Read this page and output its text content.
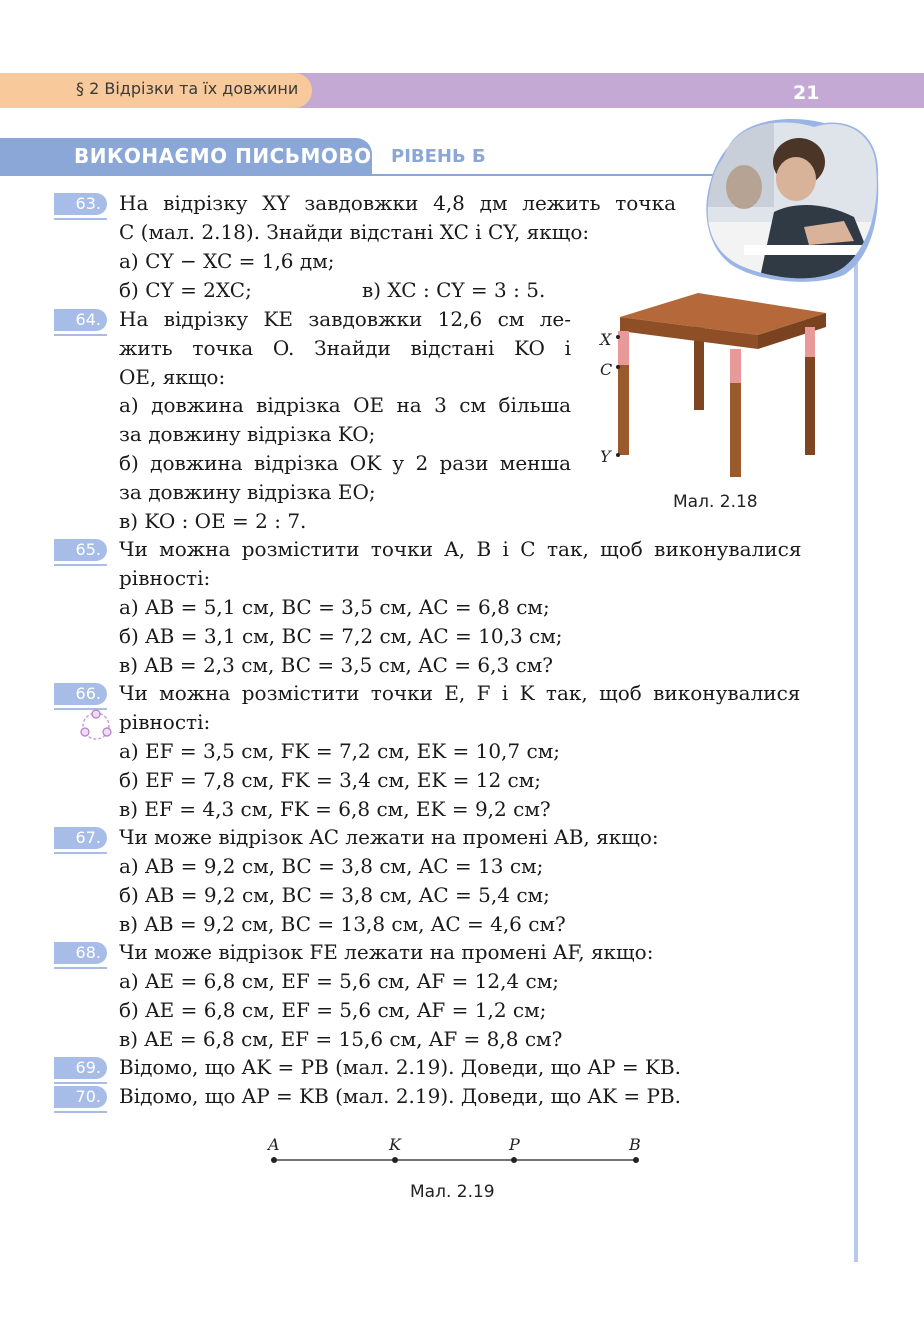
§ 2 Відрізки та їх довжини	21
ВИКОНАЄМО ПИСЬМОВО РІВЕНЬ Б
63.
64.
65.
66.
67.
68.
69.
70.
На відрізку XY завдовжки 4,8 дм лежить точка
C (мал. 2.18). Знайди відстані XC і CY, якщо:
а) CY − XC = 1,6 дм;
б) CY = 2XC;	в) XC : CY = 3 : 5.
На відрізку KE завдовжки 12,6 см ле-
жить точка O. Знайди відстані KO і
OE, якщо:
а) довжина відрізка OE на 3 см більша
за довжину відрізка KO;
б) довжина відрізка OK у 2 рази менша
за довжину відрізка EO;
в) KO : OE = 2 : 7.
X
C
Y
Мал. 2.18
Чи можна розмістити точки A, B і C так, щоб виконувалися
рівності:
а) AB = 5,1 см, BC = 3,5 см, AC = 6,8 см;
б) AB = 3,1 см, BC = 7,2 см, AC = 10,3 см;
в) AB = 2,3 см, BC = 3,5 см, AC = 6,3 см?
Чи можна розмістити точки E, F і K так, щоб виконувалися
рівності:
а) EF = 3,5 см, FK = 7,2 см, EK = 10,7 см;
б) EF = 7,8 см, FK = 3,4 см, EK = 12 см;
в) EF = 4,3 см, FK = 6,8 см, EK = 9,2 см?
Чи може відрізок AC лежати на промені AB, якщо:
а) AB = 9,2 см, BC = 3,8 см, AC = 13 см;
б) AB = 9,2 см, BC = 3,8 см, AC = 5,4 см;
в) AB = 9,2 см, BC = 13,8 см, AC = 4,6 см?
Чи може відрізок FE лежати на промені AF, якщо:
а) AE = 6,8 см, EF = 5,6 см, AF = 12,4 см;
б) AE = 6,8 см, EF = 5,6 см, AF = 1,2 см;
в) AE = 6,8 см, EF = 15,6 см, AF = 8,8 см?
Відомо, що AK = PB (мал. 2.19). Доведи, що AP = KB.
Відомо, що AP = KB (мал. 2.19). Доведи, що AK = PB.
A	K	P	B
Мал. 2.19
